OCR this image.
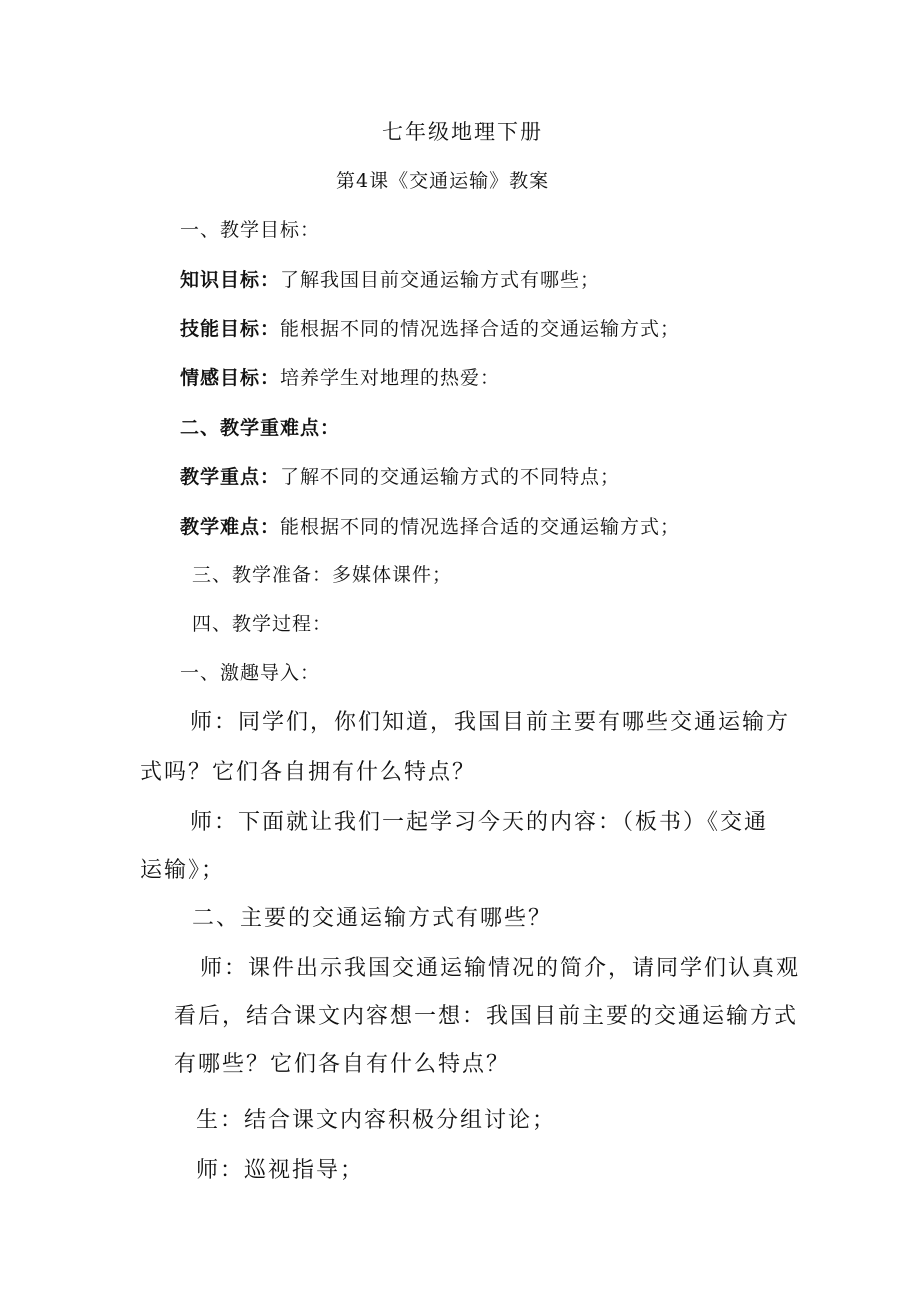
七年级地理下册
第4课《交通运输》教案
一、教学目标：
知识目标：了解我国目前交通运输方式有哪些；
技能目标：能根据不同的情况选择合适的交通运输方式；
情感目标：培养学生对地理的热爱：
二、教学重难点：
教学重点：了解不同的交通运输方式的不同特点；
教学难点：能根据不同的情况选择合适的交通运输方式；
三、教学准备：多媒体课件；
四、教学过程：
一、激趣导入：
师：同学们，你们知道，我国目前主要有哪些交通运输方
式吗？它们各自拥有什么特点？
师：下面就让我们一起学习今天的内容：（板书）《交通
运输》；
二、主要的交通运输方式有哪些？
师：课件出示我国交通运输情况的简介，请同学们认真观
看后，结合课文内容想一想：我国目前主要的交通运输方式
有哪些？它们各自有什么特点？
生：结合课文内容积极分组讨论；
师：巡视指导；
